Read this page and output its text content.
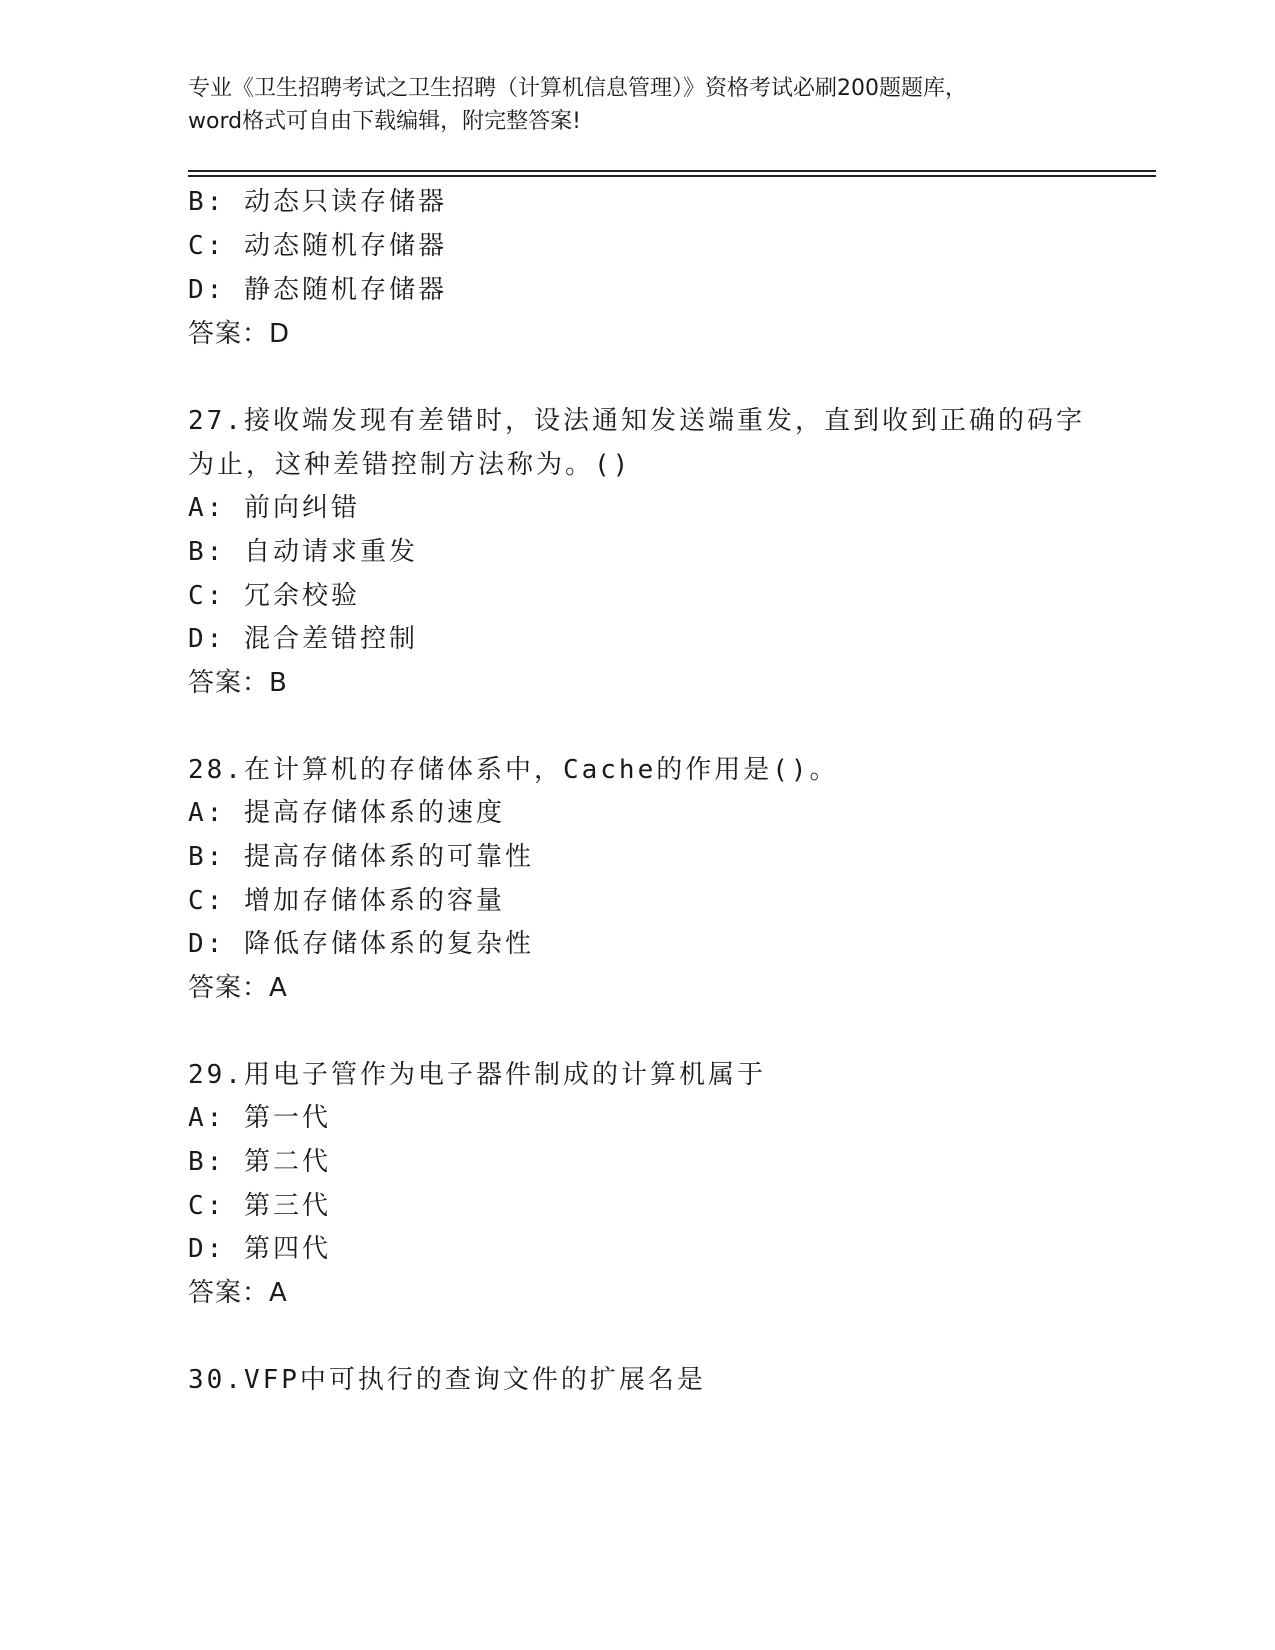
专业《卫生招聘考试之卫生招聘（计算机信息管理）》资格考试必刷200题题库，
word格式可自由下载编辑，附完整答案!
B: 动态只读存储器
C: 动态随机存储器
D: 静态随机存储器
答案：D
27.接收端发现有差错时，设法通知发送端重发，直到收到正确的码字
为止，这种差错控制方法称为。()
A: 前向纠错
B: 自动请求重发
C: 冗余校验
D: 混合差错控制
答案：B
28.在计算机的存储体系中，Cache的作用是()。
A: 提高存储体系的速度
B: 提高存储体系的可靠性
C: 增加存储体系的容量
D: 降低存储体系的复杂性
答案：A
29.用电子管作为电子器件制成的计算机属于
A: 第一代
B: 第二代
C: 第三代
D: 第四代
答案：A
30.VFP中可执行的查询文件的扩展名是
